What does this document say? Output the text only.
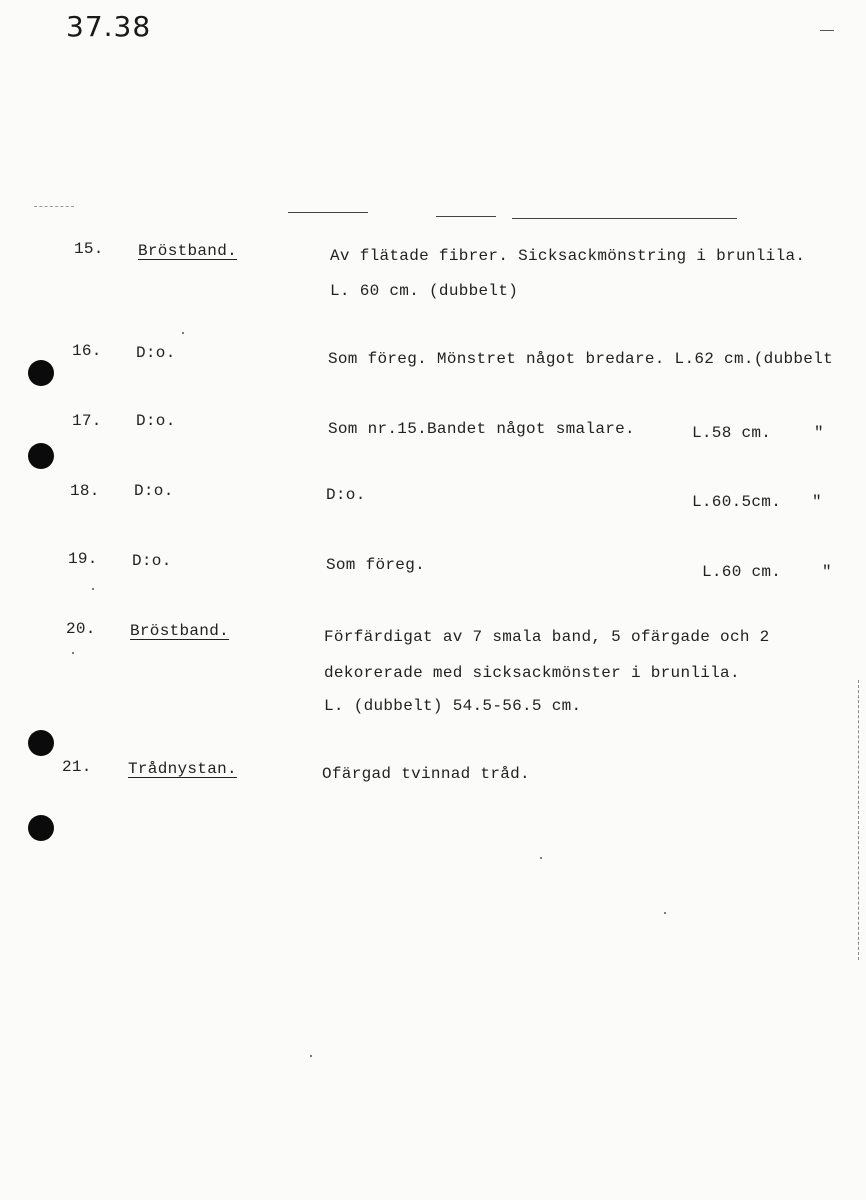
37.38
15. Bröstband.	Av flätade fibrer. Sicksackmönstring i brunlila.
L. 60 cm. (dubbelt)
16. D:o.	Som föreg. Mönstret något bredare. L.62 cm.(dubbelt
17. D:o.	Som nr.15.Bandet något smalare.	L.58 cm.	"
18. D:o.	D:o.	L.60.5cm. "
19. D:o.	Som föreg.	L.60 cm.	"
20. Bröstband.	Förfärdigat av 7 smala band, 5 ofärgade och 2
dekorerade med sicksackmönster i brunlila.
L. (dubbelt) 54.5-56.5 cm.
21. Trådnystan.	Ofärgad tvinnad tråd.
